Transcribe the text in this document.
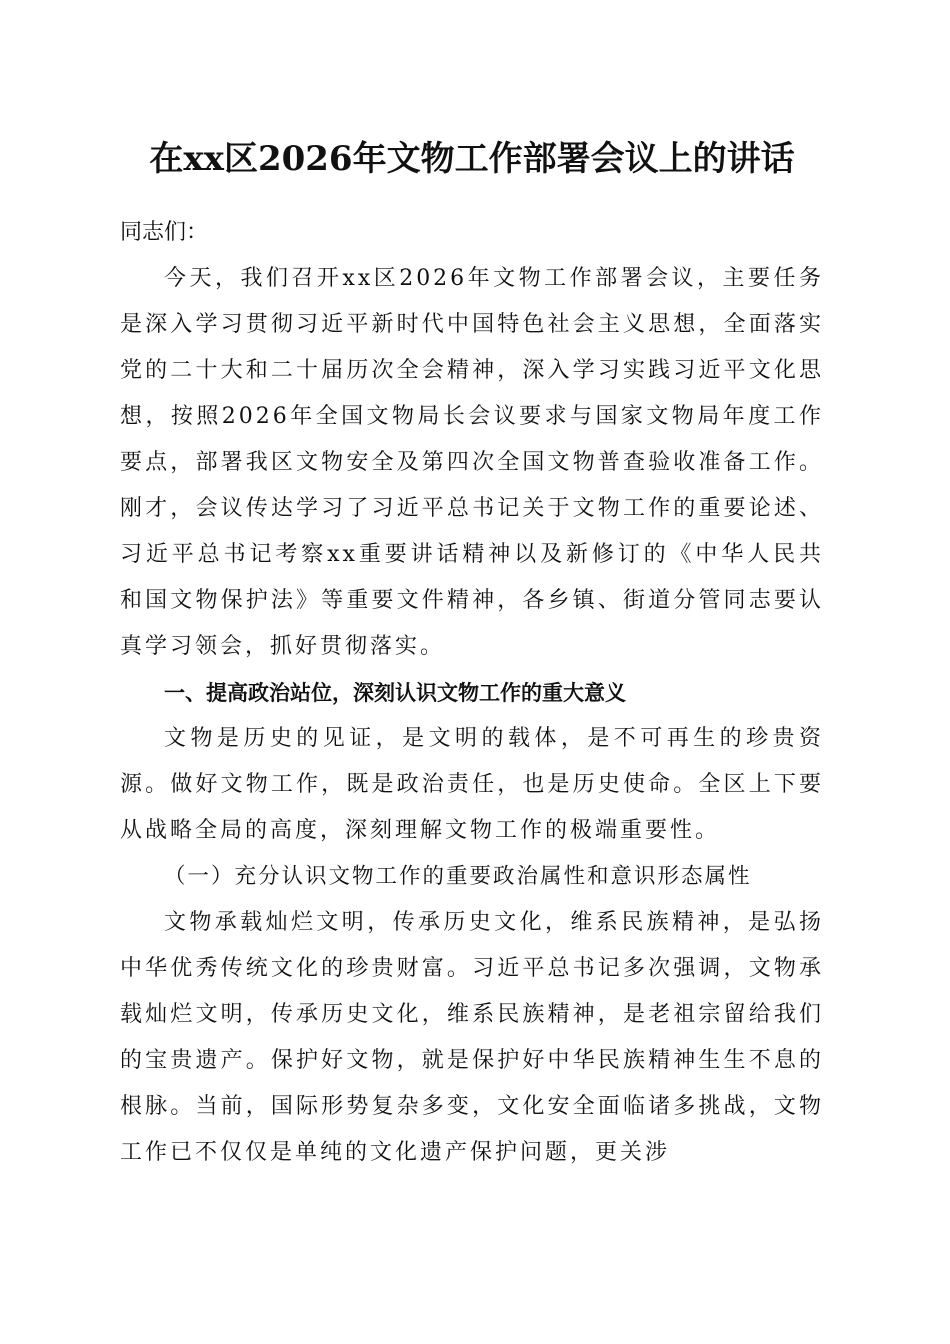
在xx区2026年文物工作部署会议上的讲话

同志们：

今天，我们召开xx区2026年文物工作部署会议，主要任务是深入学习贯彻习近平新时代中国特色社会主义思想，全面落实党的二十大和二十届历次全会精神，深入学习实践习近平文化思想，按照2026年全国文物局长会议要求与国家文物局年度工作要点，部署我区文物安全及第四次全国文物普查验收准备工作。刚才，会议传达学习了习近平总书记关于文物工作的重要论述、习近平总书记考察xx重要讲话精神以及新修订的《中华人民共和国文物保护法》等重要文件精神，各乡镇、街道分管同志要认真学习领会，抓好贯彻落实。

一、提高政治站位，深刻认识文物工作的重大意义

文物是历史的见证，是文明的载体，是不可再生的珍贵资源。做好文物工作，既是政治责任，也是历史使命。全区上下要从战略全局的高度，深刻理解文物工作的极端重要性。

（一）充分认识文物工作的重要政治属性和意识形态属性

文物承载灿烂文明，传承历史文化，维系民族精神，是弘扬中华优秀传统文化的珍贵财富。习近平总书记多次强调，文物承载灿烂文明，传承历史文化，维系民族精神，是老祖宗留给我们的宝贵遗产。保护好文物，就是保护好中华民族精神生生不息的根脉。当前，国际形势复杂多变，文化安全面临诸多挑战，文物工作已不仅仅是单纯的文化遗产保护问题，更关涉
